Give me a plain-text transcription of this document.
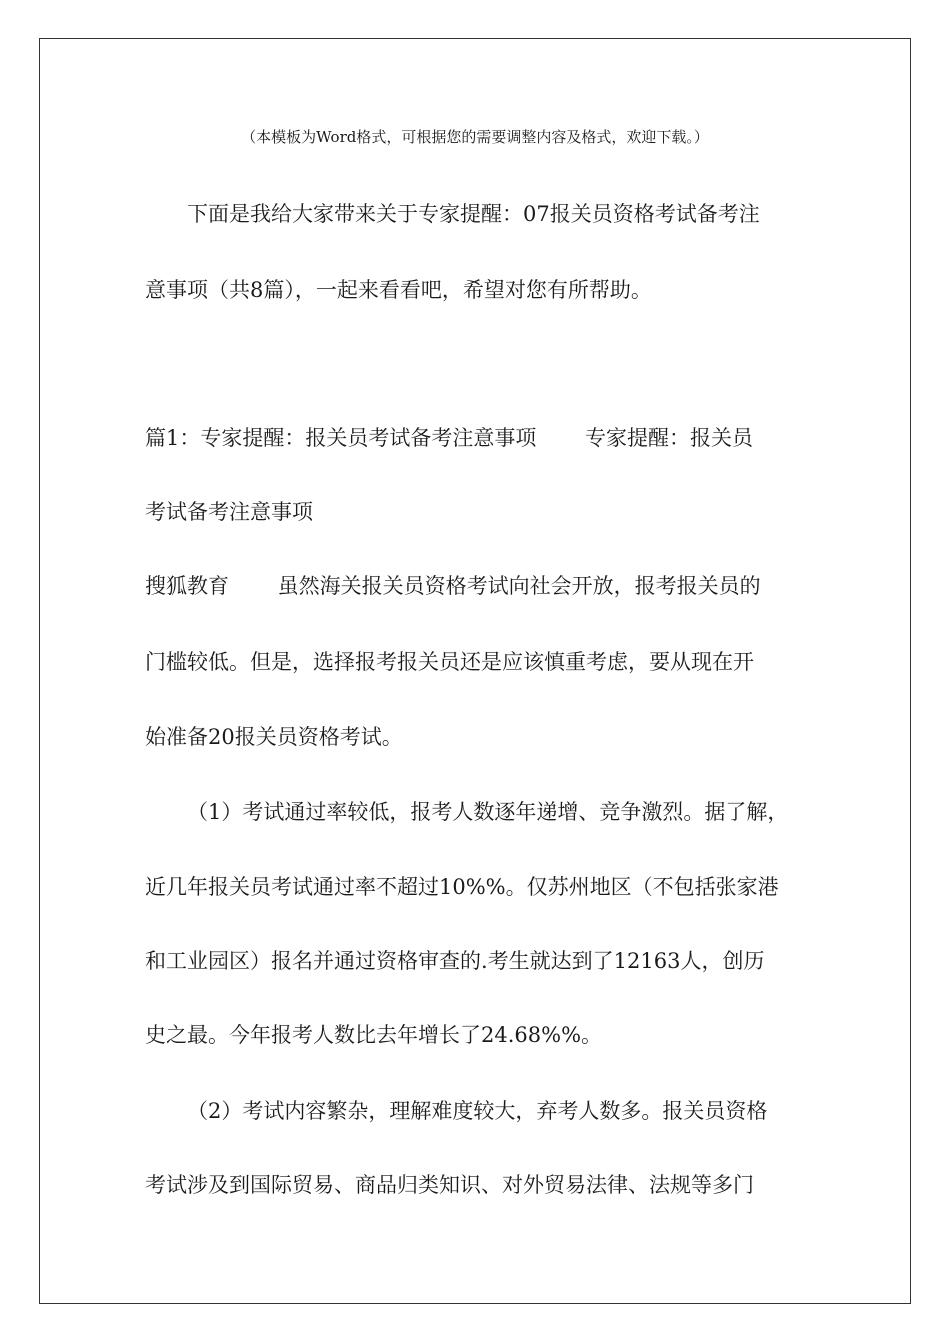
（本模板为Word格式，可根据您的需要调整内容及格式，欢迎下载。）
下面是我给大家带来关于专家提醒：07报关员资格考试备考注
意事项（共8篇），一起来看看吧，希望对您有所帮助。
篇1：专家提醒：报关员考试备考注意事项　　 专家提醒：报关员
考试备考注意事项
搜狐教育　　 虽然海关报关员资格考试向社会开放，报考报关员的
门槛较低。但是，选择报考报关员还是应该慎重考虑，要从现在开
始准备20报关员资格考试。
（1）考试通过率较低，报考人数逐年递增、竞争激烈。据了解，
近几年报关员考试通过率不超过10%%。仅苏州地区（不包括张家港
和工业园区）报名并通过资格审查的.考生就达到了12163人，创历
史之最。今年报考人数比去年增长了24.68%%。
（2）考试内容繁杂，理解难度较大，弃考人数多。报关员资格
考试涉及到国际贸易、商品归类知识、对外贸易法律、法规等多门
